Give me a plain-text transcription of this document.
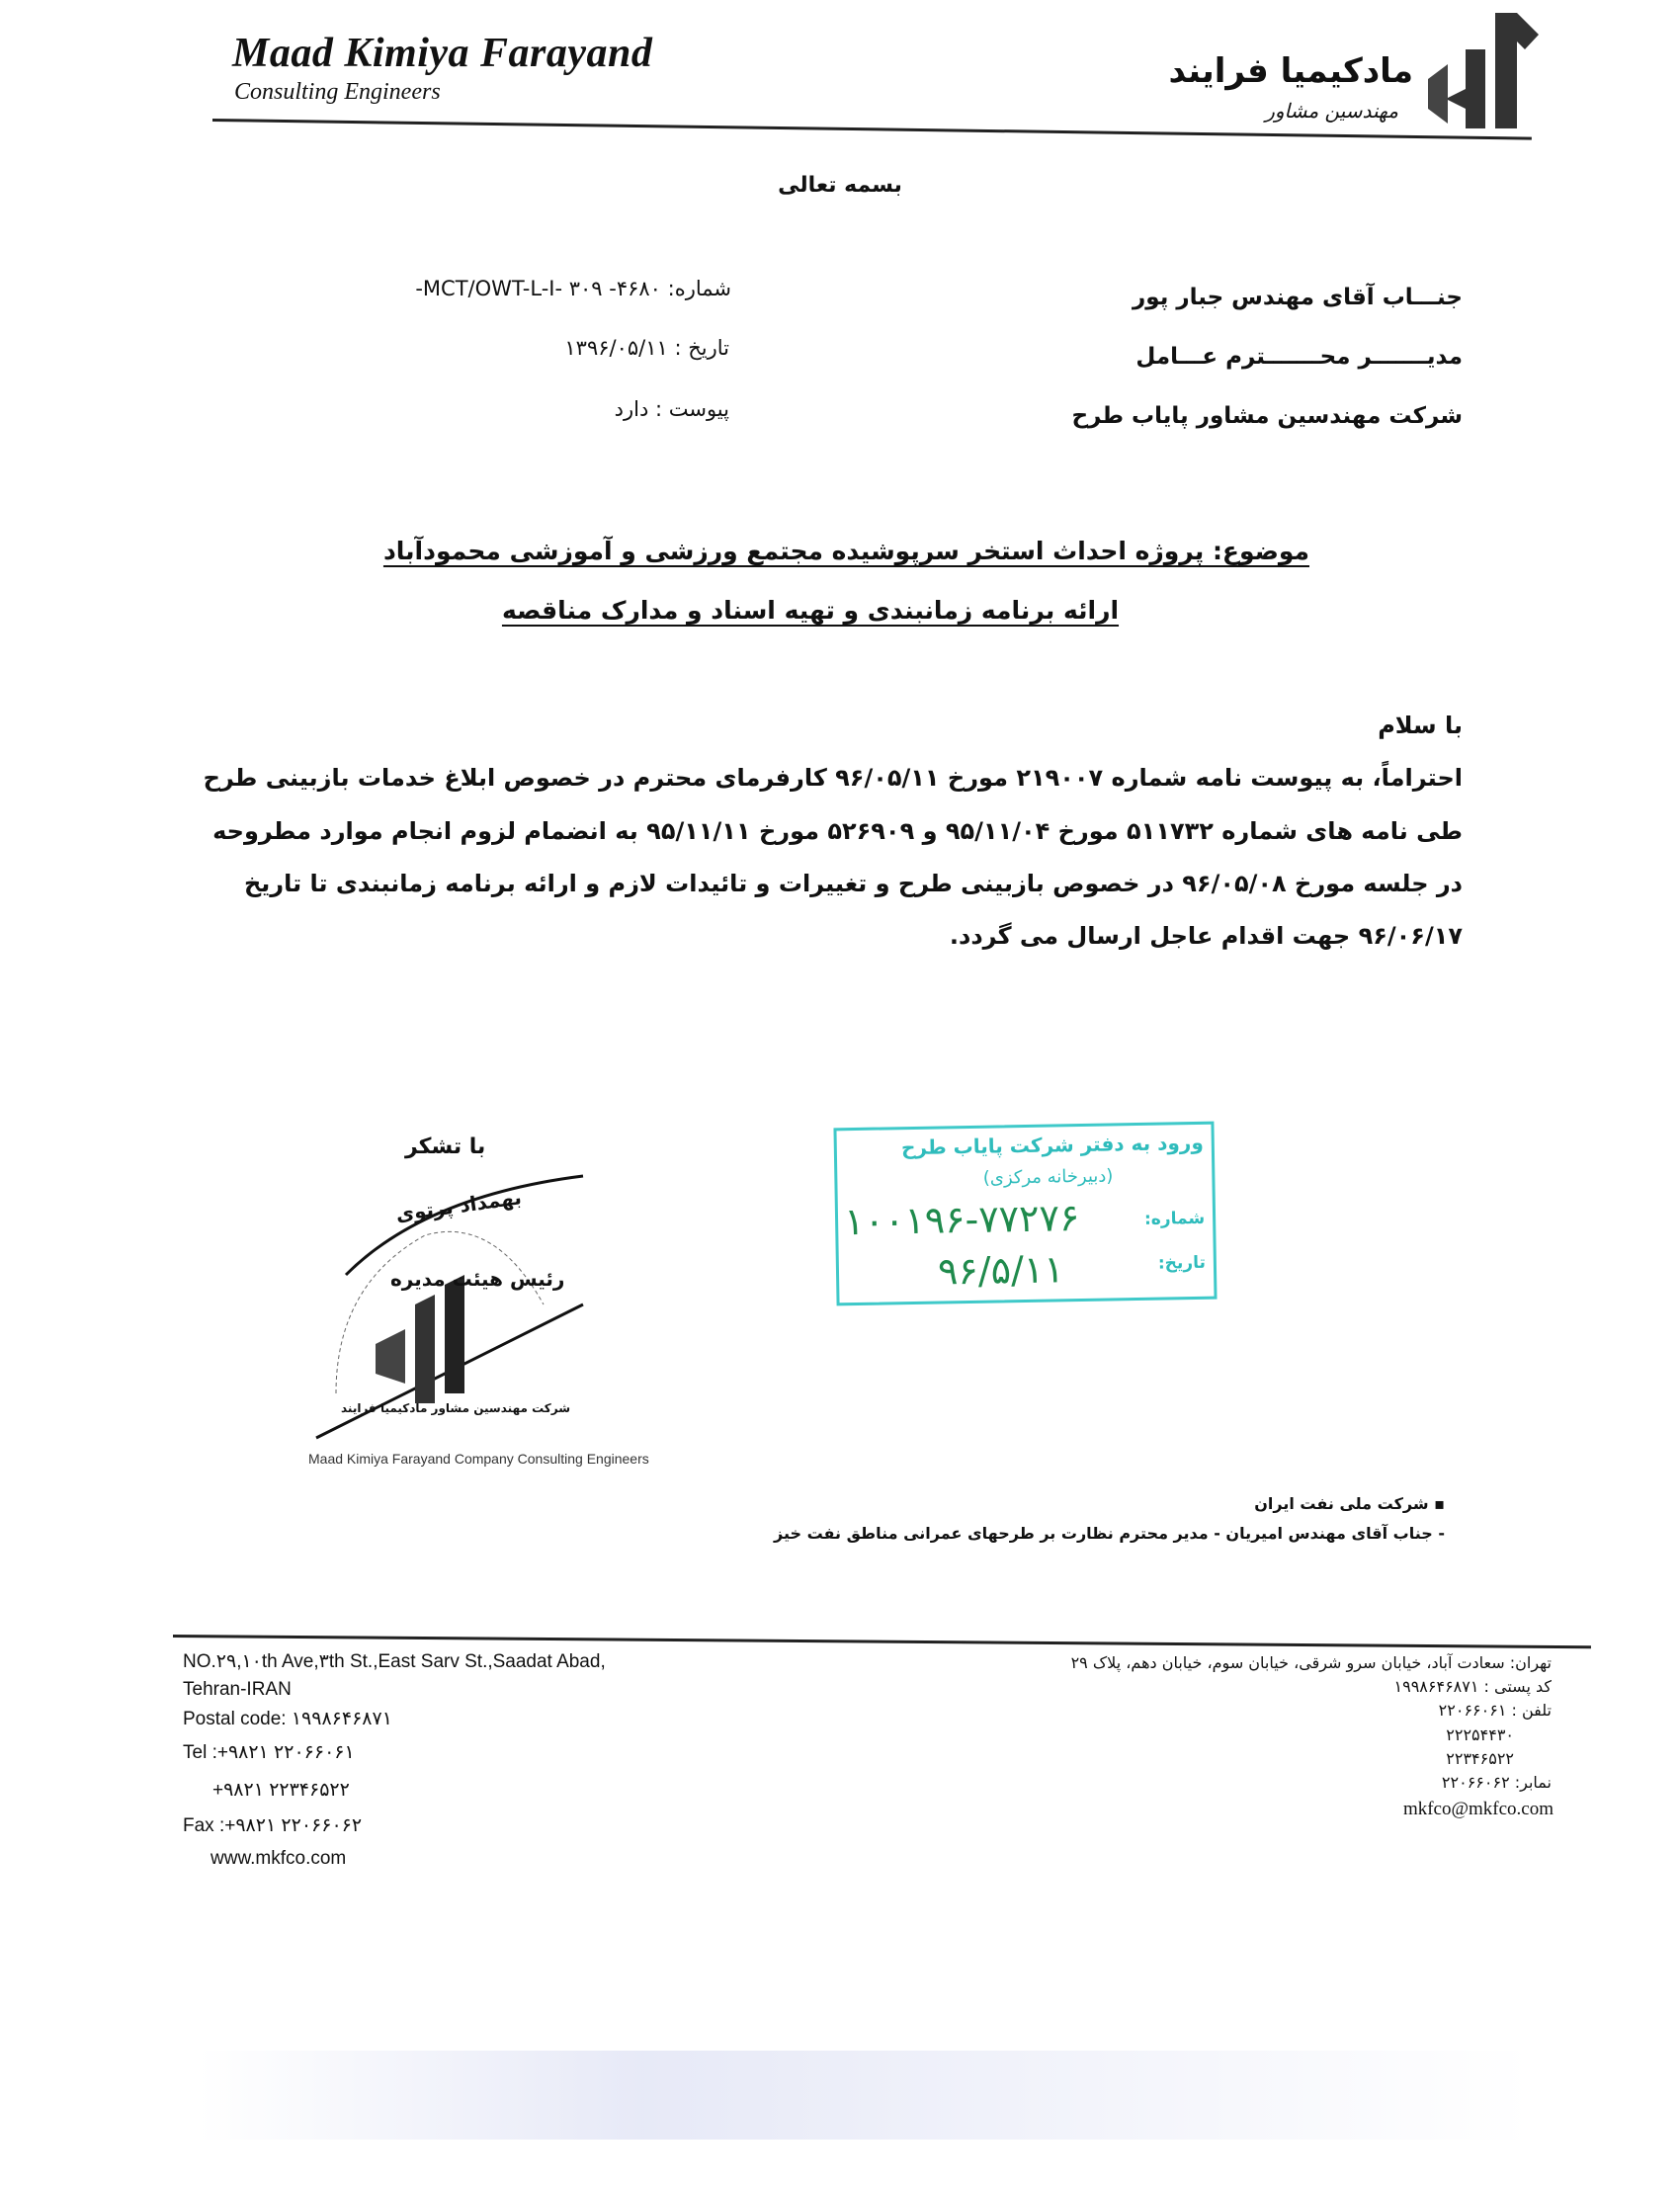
Maad Kimiya Farayand
Consulting Engineers
مادکیمیا فرایند
مهندسین مشاور
بسمه تعالی
شماره: ۴۶۸۰- MCT/OWT-L-I- ۳۰۹-
تاریخ : ۱۳۹۶/۰۵/۱۱
پیوست : دارد
جنـــاب آقای مهندس جبار پور
مدیـــــــر محـــــــترم عـــامل
شرکت مهندسین مشاور پایاب طرح
موضوع: پروژه احداث استخر سرپوشیده مجتمع ورزشی و آموزشی محمودآباد
ارائه برنامه زمانبندی و تهیه اسناد و مدارک مناقصه
با سلام
احتراماً، به پیوست نامه شماره ۲۱۹۰۰۷ مورخ ۹۶/۰۵/۱۱ کارفرمای محترم در خصوص ابلاغ خدمات بازبینی طرح
طی نامه های شماره ۵۱۱۷۳۲ مورخ ۹۵/۱۱/۰۴ و ۵۲۶۹۰۹ مورخ ۹۵/۱۱/۱۱ به انضمام لزوم انجام موارد مطروحه
در جلسه مورخ ۹۶/۰۵/۰۸ در خصوص بازبینی طرح و تغییرات و تائیدات لازم و ارائه برنامه زمانبندی تا تاریخ
۹۶/۰۶/۱۷ جهت اقدام عاجل ارسال می گردد.
با تشکر
بهمداد پرتوی
رئیس هیئت مدیره
شرکت مهندسین مشاور مادکیمیا فرایند
Maad Kimiya Farayand Company Consulting Engineers
ورود به دفتر شرکت پایاب طرح
(دبیرخانه مرکزی)
شماره:
۱۰۰۱۹۶-۷۷۲۷۶
تاریخ:
۹۶/۵/۱۱
▪ شرکت ملی نفت ایران
- جناب آقای مهندس امیریان - مدیر محترم نظارت بر طرحهای عمرانی مناطق نفت خیز
NO.۲۹,۱۰th Ave,۳th St.,East Sarv St.,Saadat Abad,
Tehran-IRAN
Postal code: ۱۹۹۸۶۴۶۸۷۱
Tel :+۹۸۲۱ ۲۲۰۶۶۰۶۱
+۹۸۲۱ ۲۲۳۴۶۵۲۲
Fax :+۹۸۲۱ ۲۲۰۶۶۰۶۲
www.mkfco.com
تهران: سعادت آباد، خیابان سرو شرقی، خیابان سوم، خیابان دهم، پلاک ۲۹
کد پستی : ۱۹۹۸۶۴۶۸۷۱
تلفن : ۲۲۰۶۶۰۶۱
۲۲۲۵۴۴۳۰
۲۲۳۴۶۵۲۲
نمابر: ۲۲۰۶۶۰۶۲
mkfco@mkfco.com
